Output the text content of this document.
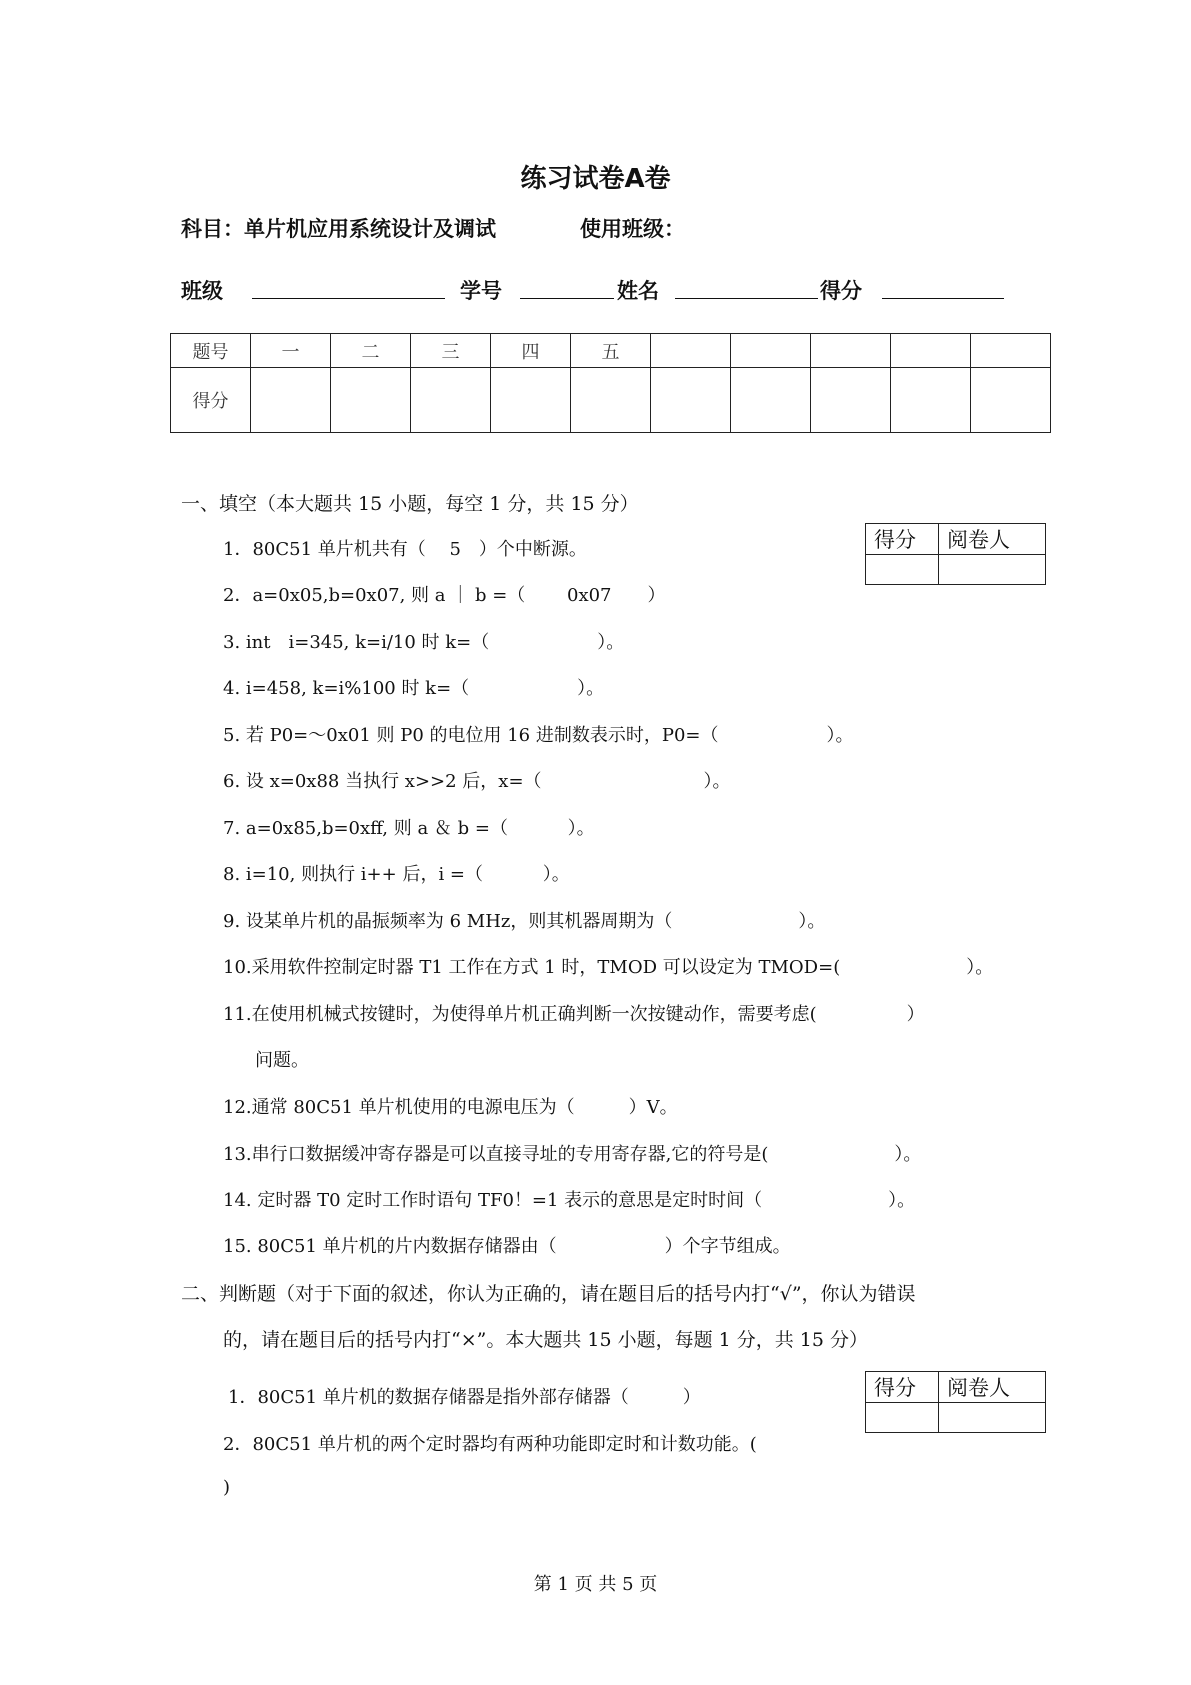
练习试卷A卷
科目：单片机应用系统设计及调试	使用班级：
班级	学号	姓名	得分
题号	一	二	三	四	五					
得分										
一、填空（本大题共 15 小题，每空 1 分，共 15 分）
得分	阅卷人

1．80C51 单片机共有（　 5　）个中断源。
2．a=0x05,b=0x07, 则 a ｜ b =（　　 0x07　　）
3. int　i=345, k=i/10 时 k=（　　　　　　）。
4. i=458, k=i%100 时 k=（　　　　　　）。
5. 若 P0=～0x01 则 P0 的电位用 16 进制数表示时，P0=（　　　　　　）。
6. 设 x=0x88 当执行 x>>2 后，x=（　　　　　　　　　）。
7. a=0x85,b=0xff, 则 a ＆ b =（　　　 ）。
8. i=10, 则执行 i++ 后，i =（　　　 ）。
9. 设某单片机的晶振频率为 6 MHz，则其机器周期为（　　　　　　　）。
10.采用软件控制定时器 T1 工作在方式 1 时，TMOD 可以设定为 TMOD=(　　　　　　　）。
11.在使用机械式按键时，为使得单片机正确判断一次按键动作，需要考虑(　　　　　）
问题。
12.通常 80C51 单片机使用的电源电压为（　　　）V。
13.串行口数据缓冲寄存器是可以直接寻址的专用寄存器,它的符号是(　　　　　　　）。
14. 定时器 T0 定时工作时语句 TF0！=1 表示的意思是定时时间（　　　　　　　）。
15. 80C51 单片机的片内数据存储器由（　　　　　　）个字节组成。
二、判断题（对于下面的叙述，你认为正确的，请在题目后的括号内打“√”，你认为错误
的，请在题目后的括号内打“×”。本大题共 15 小题，每题 1 分，共 15 分）
得分	阅卷人

1．80C51 单片机的数据存储器是指外部存储器（　　　）
2．80C51 单片机的两个定时器均有两种功能即定时和计数功能。(
)
第 1 页 共 5 页
